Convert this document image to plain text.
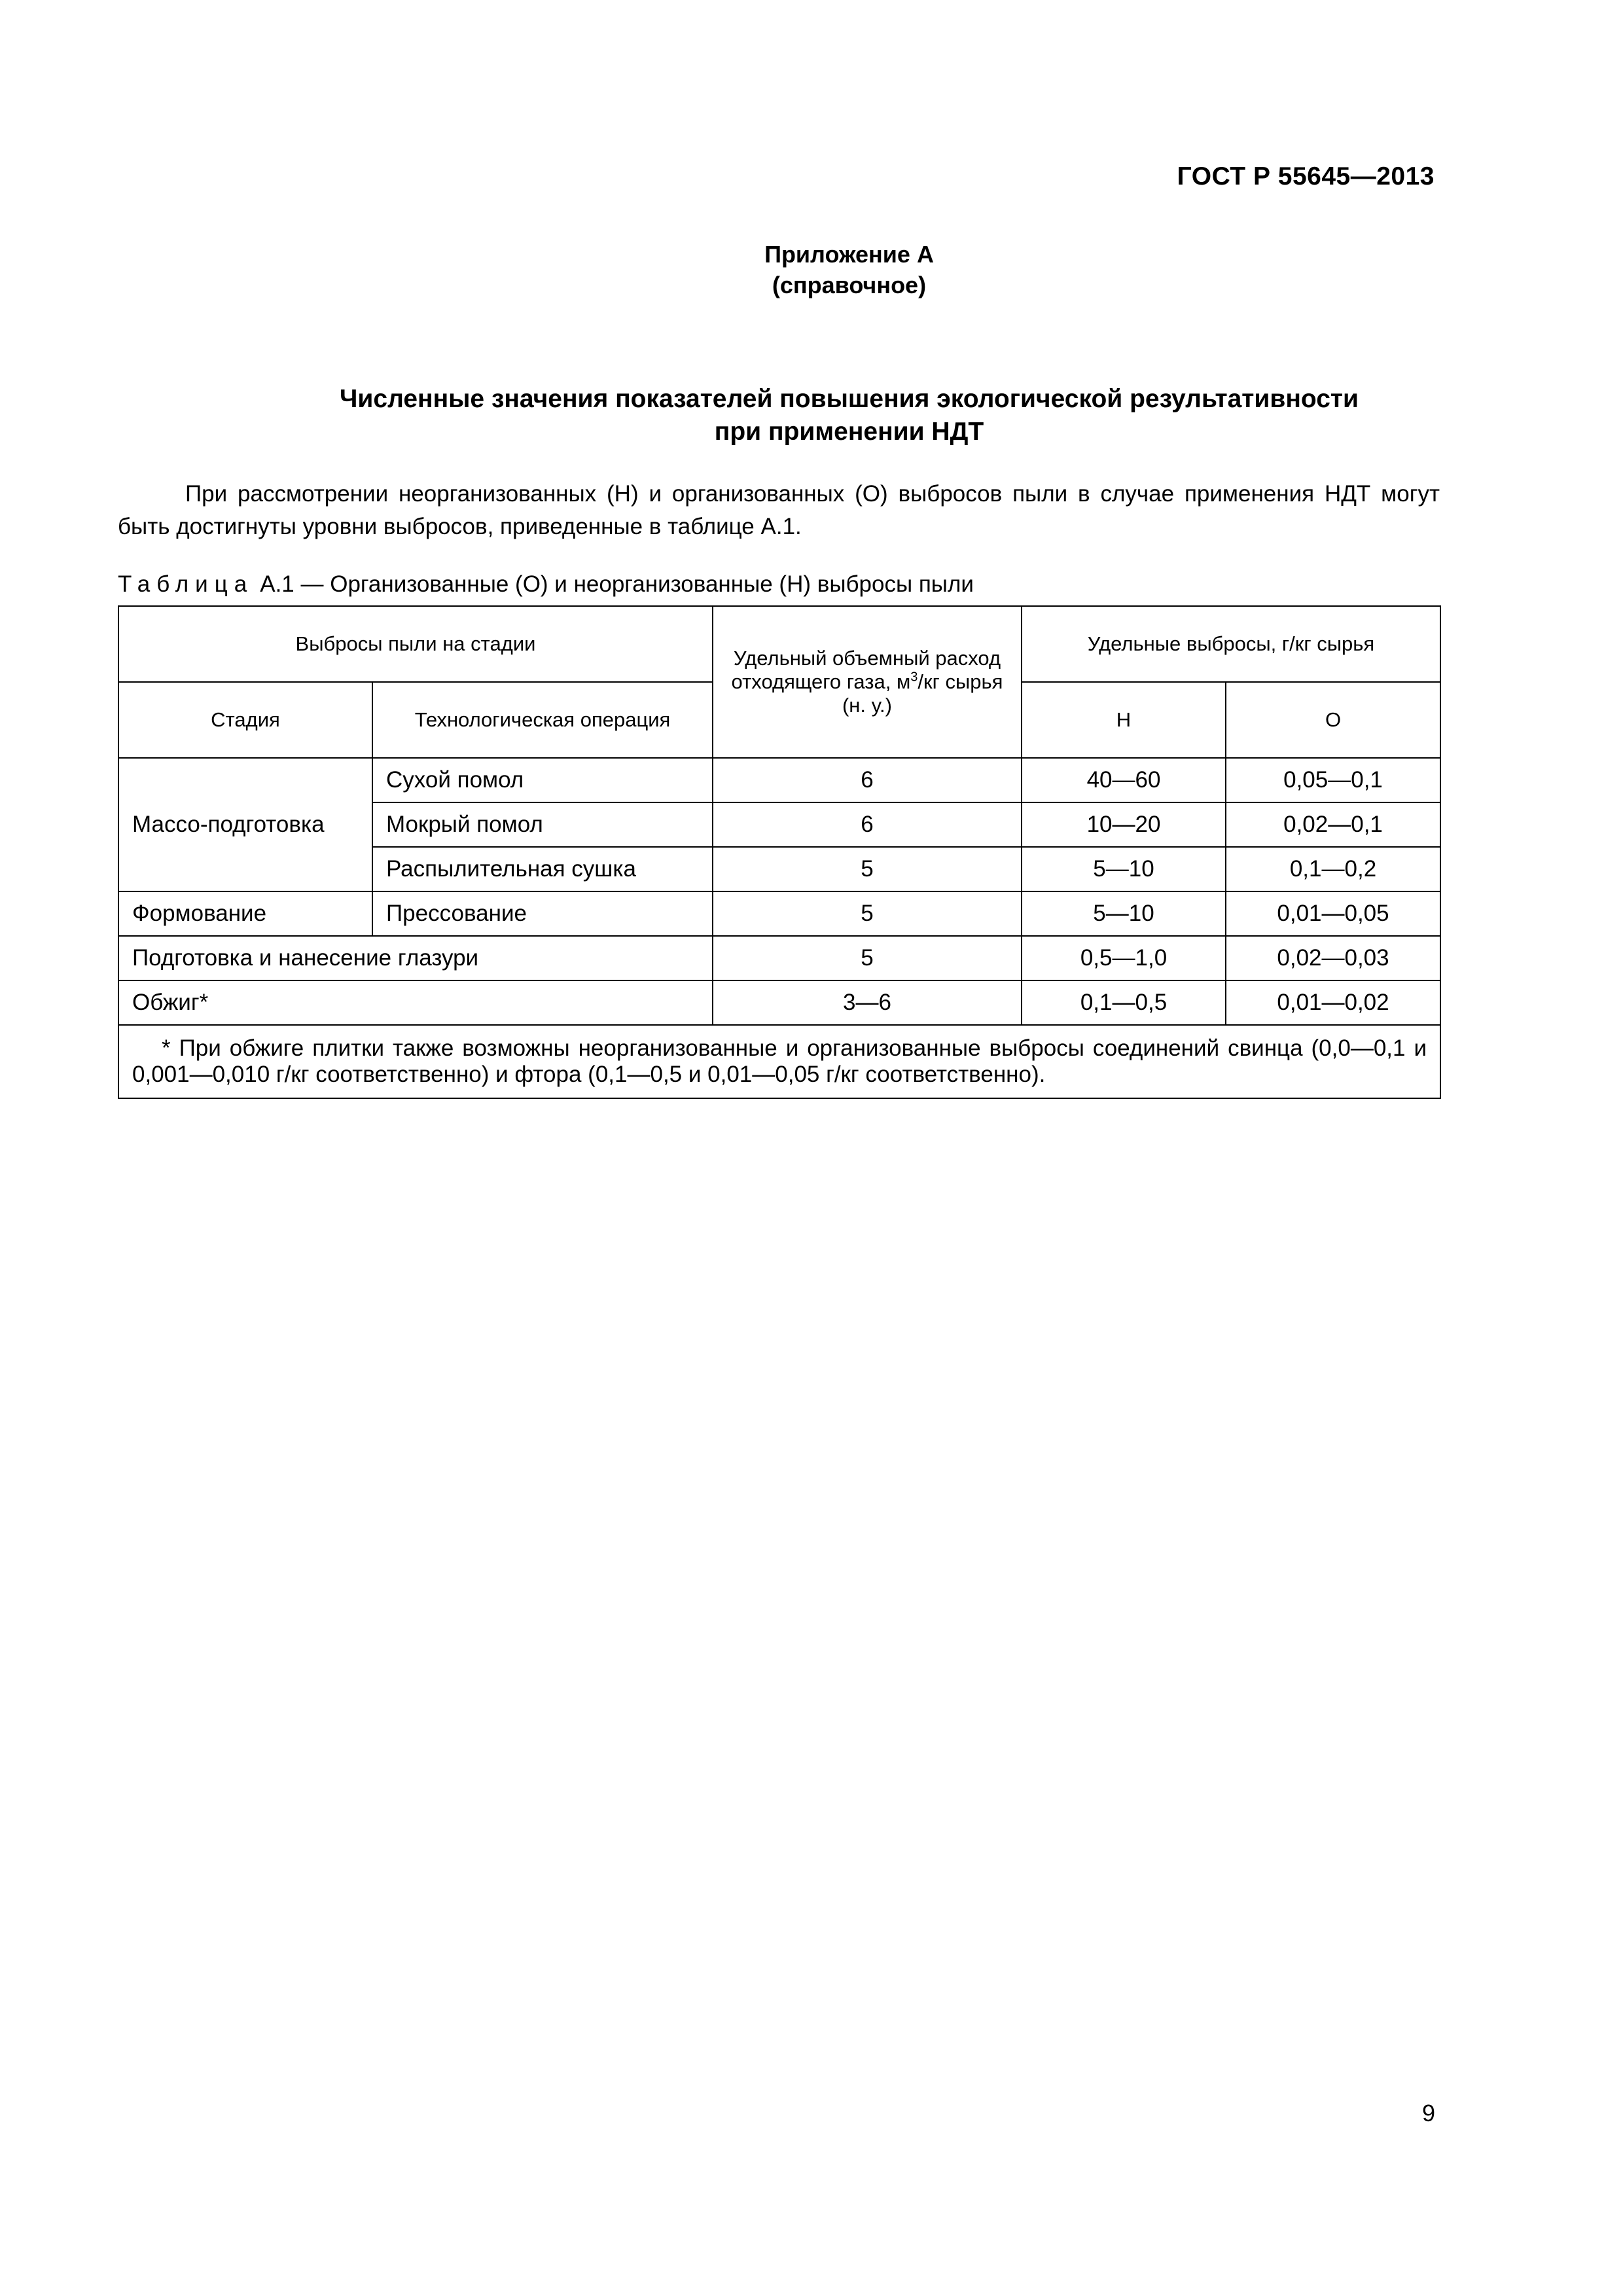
ГОСТ Р 55645—2013
Приложение А
(справочное)
Численные значения показателей повышения экологической результативности
при применении НДТ

При рассмотрении неорганизованных (Н) и организованных (О) выбросов пыли в случае применения НДТ могут быть достигнуты уровни выбросов, приведенные в таблице А.1.

Таблица А.1 — Организованные (О) и неорганизованные (Н) выбросы пыли
Выбросы пыли на стадии		Удельный объемный расход отходящего газа, $м^3/кг$ сырья (н. у.)	Удельные выбросы, г/кг сырья	
Стадия	Технологическая операция		Н	О
Массо-подготовка	Сухой помол	6	40—60	0,05—0,1
	Мокрый помол	6	10—20	0,02—0,1
	Распылительная сушка	5	5—10	0,1—0,2
Формование	Прессование	5	5—10	0,01—0,05
Подготовка и нанесение глазури		5	0,5—1,0	0,02—0,03
Обжиг*		3—6	0,1—0,5	0,01—0,02
* При обжиге плитки также возможны неорганизованные и организованные выбросы соединений свинца (0,0—0,1 и 0,001—0,010 г/кг соответственно) и фтора (0,1—0,5 и 0,01—0,05 г/кг соответственно).				
9
